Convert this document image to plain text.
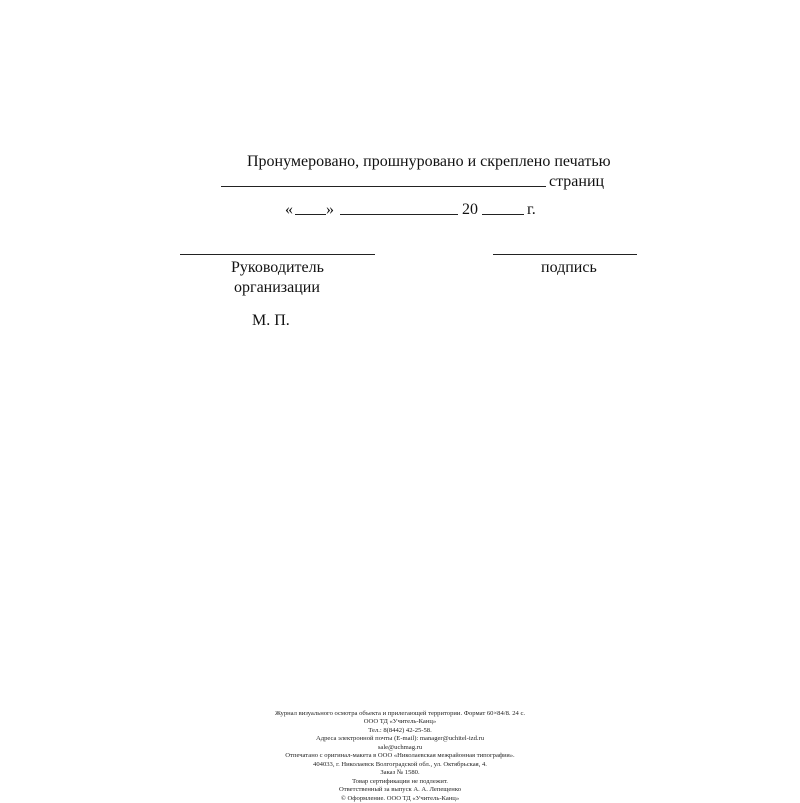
Пронумеровано, прошнуровано и скреплено печатью
страниц
« »	20	г.
Руководитель
организации
подпись
М. П.
Журнал визуального осмотра объекта и прилегающей территории. Формат 60×84/8. 24 с.
ООО ТД «Учитель-Канц»
Тел.: 8(8442) 42-25-58.
Адреса электронной почты (E-mail): manager@uchitel-izd.ru
sale@uchmag.ru
Отпечатано с оригинал-макета в ООО «Николаевская межрайонная типография».
404033, г. Николаевск Волгоградской обл., ул. Октябрьская, 4.
Заказ № 1580.
Товар сертификации не подлежит.
Ответственный за выпуск А. А. Лепещенко
© Оформление. ООО ТД «Учитель-Канц»
